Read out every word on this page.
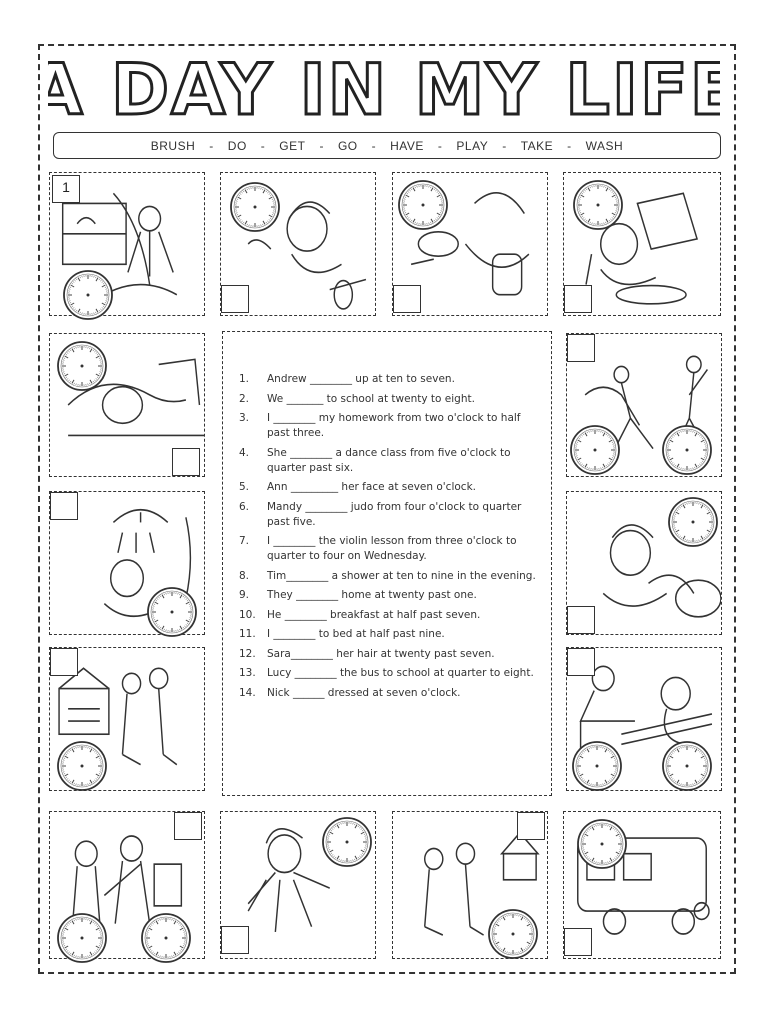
A DAY IN MY LIFE
BRUSH - DO - GET - GO - HAVE - PLAY - TAKE - WASH
1
1.	Andrew ________ up at ten to seven.
2.	We _______ to school at twenty to eight.
3.	I ________ my homework from two o'clock to half past three.
4.	She ________ a dance class from five o'clock to quarter past six.
5.	Ann _________ her face at seven o'clock.
6.	Mandy ________ judo from four o'clock to quarter past five.
7.	I ________ the violin lesson from three o'clock to quarter to four on Wednesday.
8.	Tim________ a shower at ten to nine in the evening.
9.	They ________ home at twenty past one.
10.	He ________ breakfast at half past seven.
11.	I ________ to bed at half past nine.
12.	Sara________ her hair at twenty past seven.
13.	Lucy ________ the bus to school at quarter to eight.
14.	Nick ______ dressed at seven o'clock.
